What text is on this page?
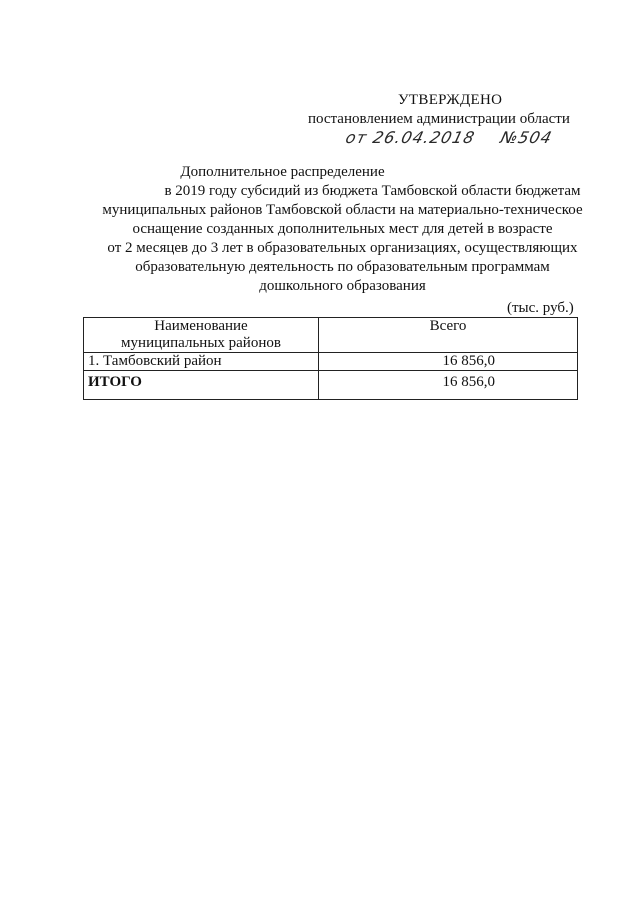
УТВЕРЖДЕНО
постановлением администрации области
от 26.04.2018 №504
Дополнительное распределение
в 2019 году субсидий из бюджета Тамбовской области бюджетам
муниципальных районов Тамбовской области на материально-техническое
оснащение созданных дополнительных мест для детей в возрасте
от 2 месяцев до 3 лет в образовательных организациях, осуществляющих
образовательную деятельность по образовательным программам
дошкольного образования
(тыс. руб.)
Наименование
муниципальных районов	Всего
1. Тамбовский район	16 856,0
ИТОГО	16 856,0
